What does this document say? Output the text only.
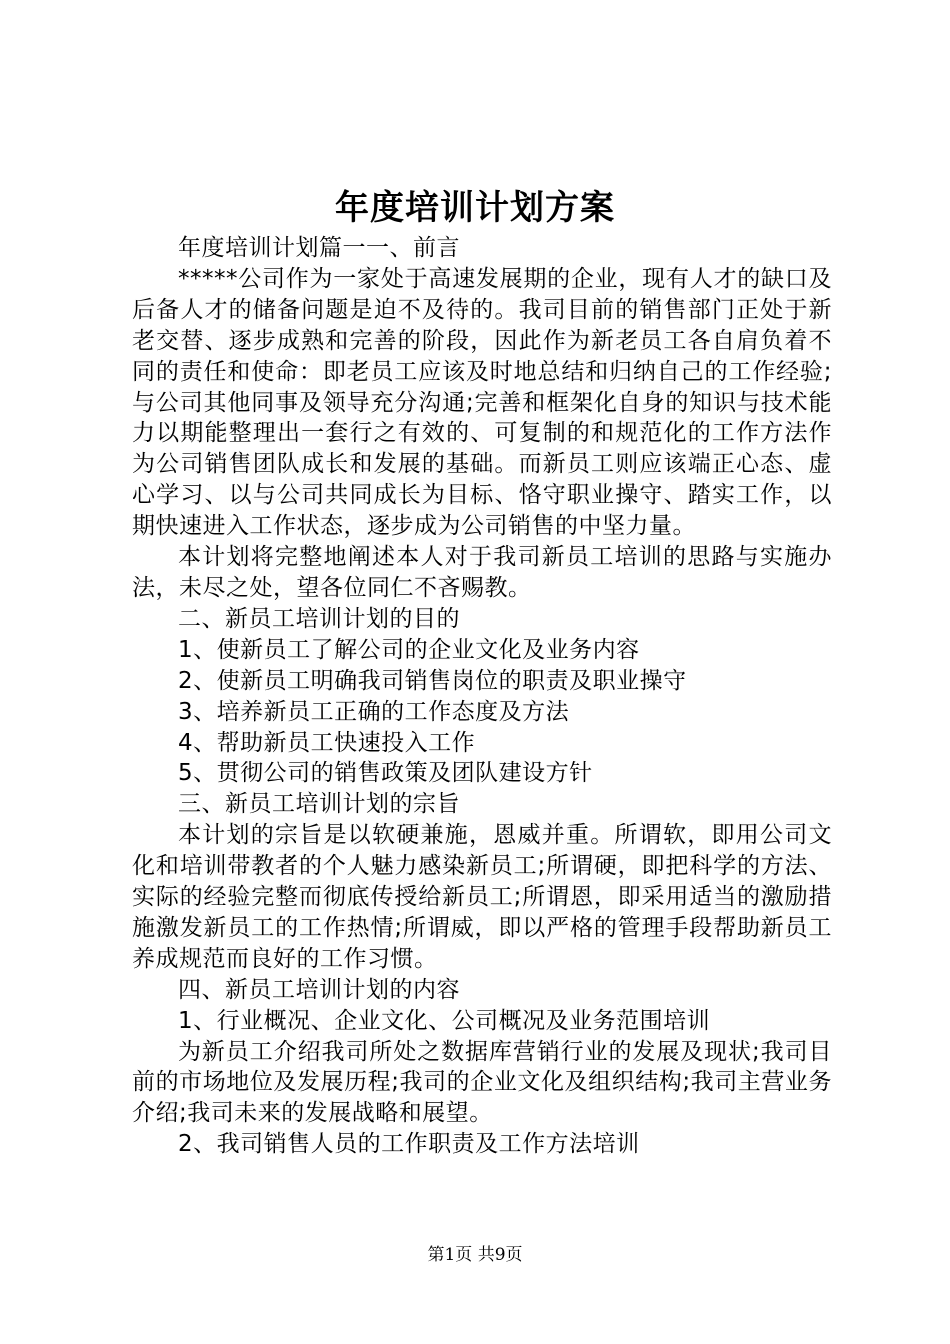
年度培训计划方案

年度培训计划篇一一、前言

*****公司作为一家处于高速发展期的企业，现有人才的缺口及后备人才的储备问题是迫不及待的。我司目前的销售部门正处于新老交替、逐步成熟和完善的阶段，因此作为新老员工各自肩负着不同的责任和使命：即老员工应该及时地总结和归纳自己的工作经验;与公司其他同事及领导充分沟通;完善和框架化自身的知识与技术能力以期能整理出一套行之有效的、可复制的和规范化的工作方法作为公司销售团队成长和发展的基础。而新员工则应该端正心态、虚心学习、以与公司共同成长为目标、恪守职业操守、踏实工作，以期快速进入工作状态，逐步成为公司销售的中坚力量。

本计划将完整地阐述本人对于我司新员工培训的思路与实施办法，未尽之处，望各位同仁不吝赐教。

二、新员工培训计划的目的

1、使新员工了解公司的企业文化及业务内容

2、使新员工明确我司销售岗位的职责及职业操守

3、培养新员工正确的工作态度及方法

4、帮助新员工快速投入工作

5、贯彻公司的销售政策及团队建设方针

三、新员工培训计划的宗旨

本计划的宗旨是以软硬兼施，恩威并重。所谓软，即用公司文化和培训带教者的个人魅力感染新员工;所谓硬，即把科学的方法、实际的经验完整而彻底传授给新员工;所谓恩，即采用适当的激励措施激发新员工的工作热情;所谓威，即以严格的管理手段帮助新员工养成规范而良好的工作习惯。

四、新员工培训计划的内容

1、行业概况、企业文化、公司概况及业务范围培训

为新员工介绍我司所处之数据库营销行业的发展及现状;我司目前的市场地位及发展历程;我司的企业文化及组织结构;我司主营业务介绍;我司未来的发展战略和展望。

2、我司销售人员的工作职责及工作方法培训

第1页 共9页
